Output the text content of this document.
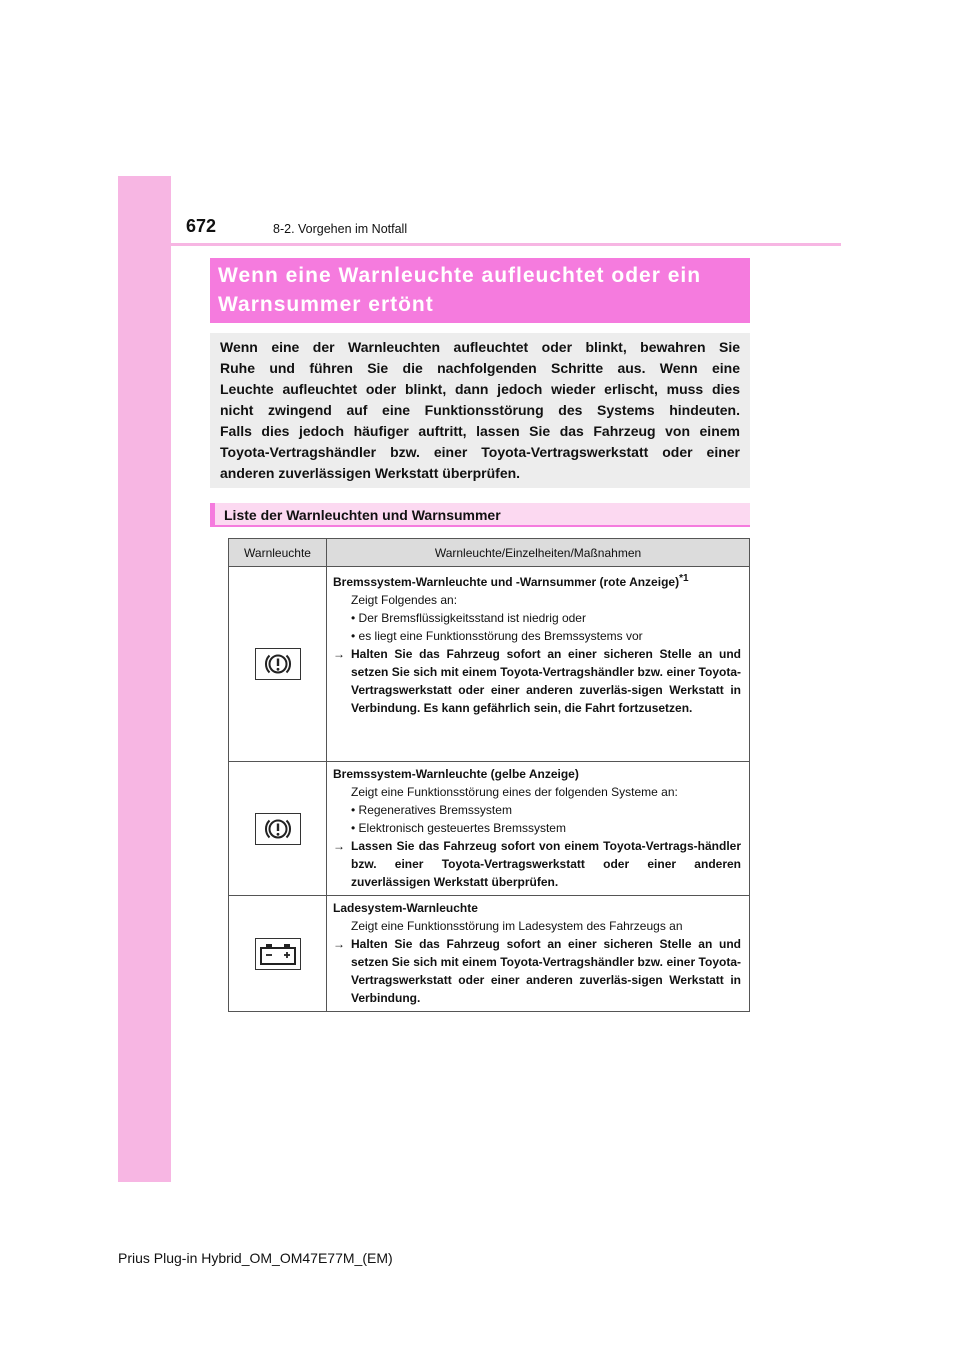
672	8-2. Vorgehen im Notfall
Wenn eine Warnleuchte aufleuchtet oder ein
Warnsummer ertönt
Wenn eine der Warnleuchten aufleuchtet oder blinkt, bewahren Sie
Ruhe und führen Sie die nachfolgenden Schritte aus. Wenn eine
Leuchte aufleuchtet oder blinkt, dann jedoch wieder erlischt, muss dies
nicht zwingend auf eine Funktionsstörung des Systems hindeuten.
Falls dies jedoch häufiger auftritt, lassen Sie das Fahrzeug von einem
Toyota-Vertragshändler bzw. einer Toyota-Vertragswerkstatt oder einer
anderen zuverlässigen Werkstatt überprüfen.
Liste der Warnleuchten und Warnsummer
Warnleuchte	Warnleuchte/Einzelheiten/Maßnahmen

Bremssystem-Warnleuchte und -Warnsummer (rote Anzeige)$^{*1}$
Zeigt Folgendes an:
• Der Bremsflüssigkeitsstand ist niedrig oder
• es liegt eine Funktionsstörung des Bremssystems vor
→ Halten Sie das Fahrzeug sofort an einer sicheren Stelle an und setzen Sie sich mit einem Toyota-Vertragshändler bzw. einer Toyota-Vertragswerkstatt oder einer anderen zuverläs-sigen Werkstatt in Verbindung. Es kann gefährlich sein, die Fahrt fortzusetzen.

Bremssystem-Warnleuchte (gelbe Anzeige)
Zeigt eine Funktionsstörung eines der folgenden Systeme an:
• Regeneratives Bremssystem
• Elektronisch gesteuertes Bremssystem
→ Lassen Sie das Fahrzeug sofort von einem Toyota-Vertrags-händler bzw. einer Toyota-Vertragswerkstatt oder einer anderen zuverlässigen Werkstatt überprüfen.

Ladesystem-Warnleuchte
Zeigt eine Funktionsstörung im Ladesystem des Fahrzeugs an
→ Halten Sie das Fahrzeug sofort an einer sicheren Stelle an und setzen Sie sich mit einem Toyota-Vertragshändler bzw. einer Toyota-Vertragswerkstatt oder einer anderen zuverläs-sigen Werkstatt in Verbindung.
Prius Plug-in Hybrid_OM_OM47E77M_(EM)
